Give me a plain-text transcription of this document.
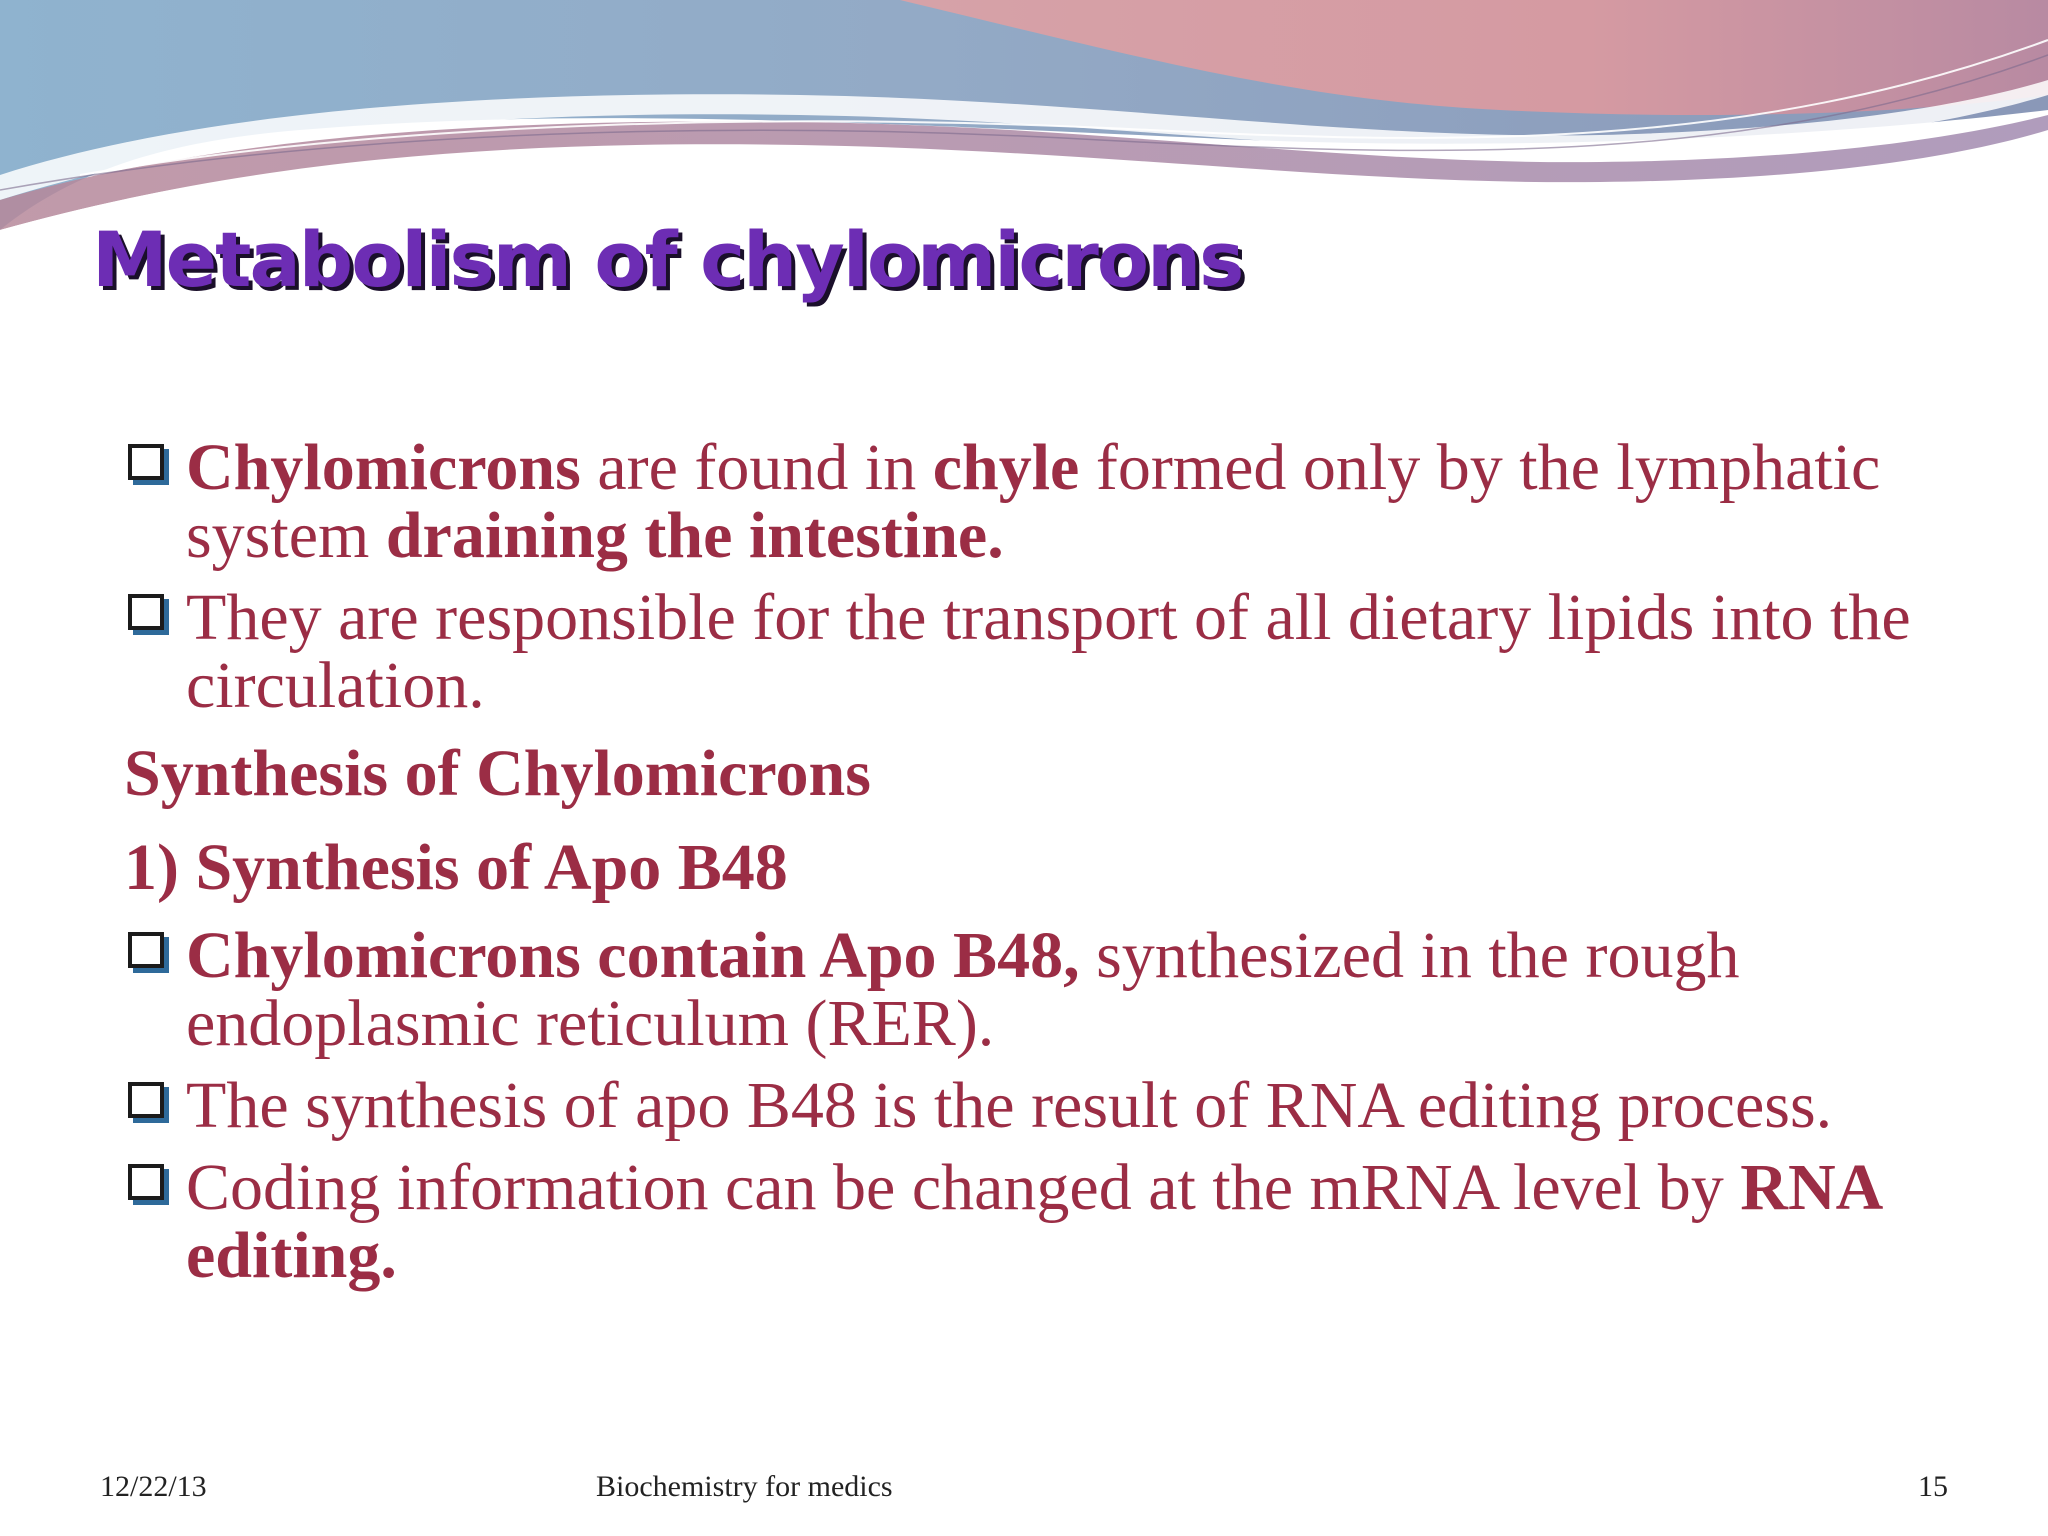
Metabolism of chylomicrons
Chylomicrons are found in chyle formed only by the lymphatic system draining the intestine.
They are responsible for the transport of all dietary lipids into the circulation.
Synthesis of Chylomicrons
1) Synthesis of Apo B48
Chylomicrons contain Apo B48, synthesized in the rough endoplasmic reticulum (RER).
The synthesis of apo B48 is the result of RNA editing process.
Coding information can be changed at the mRNA level by RNA editing.
12/22/13	Biochemistry for medics	15
